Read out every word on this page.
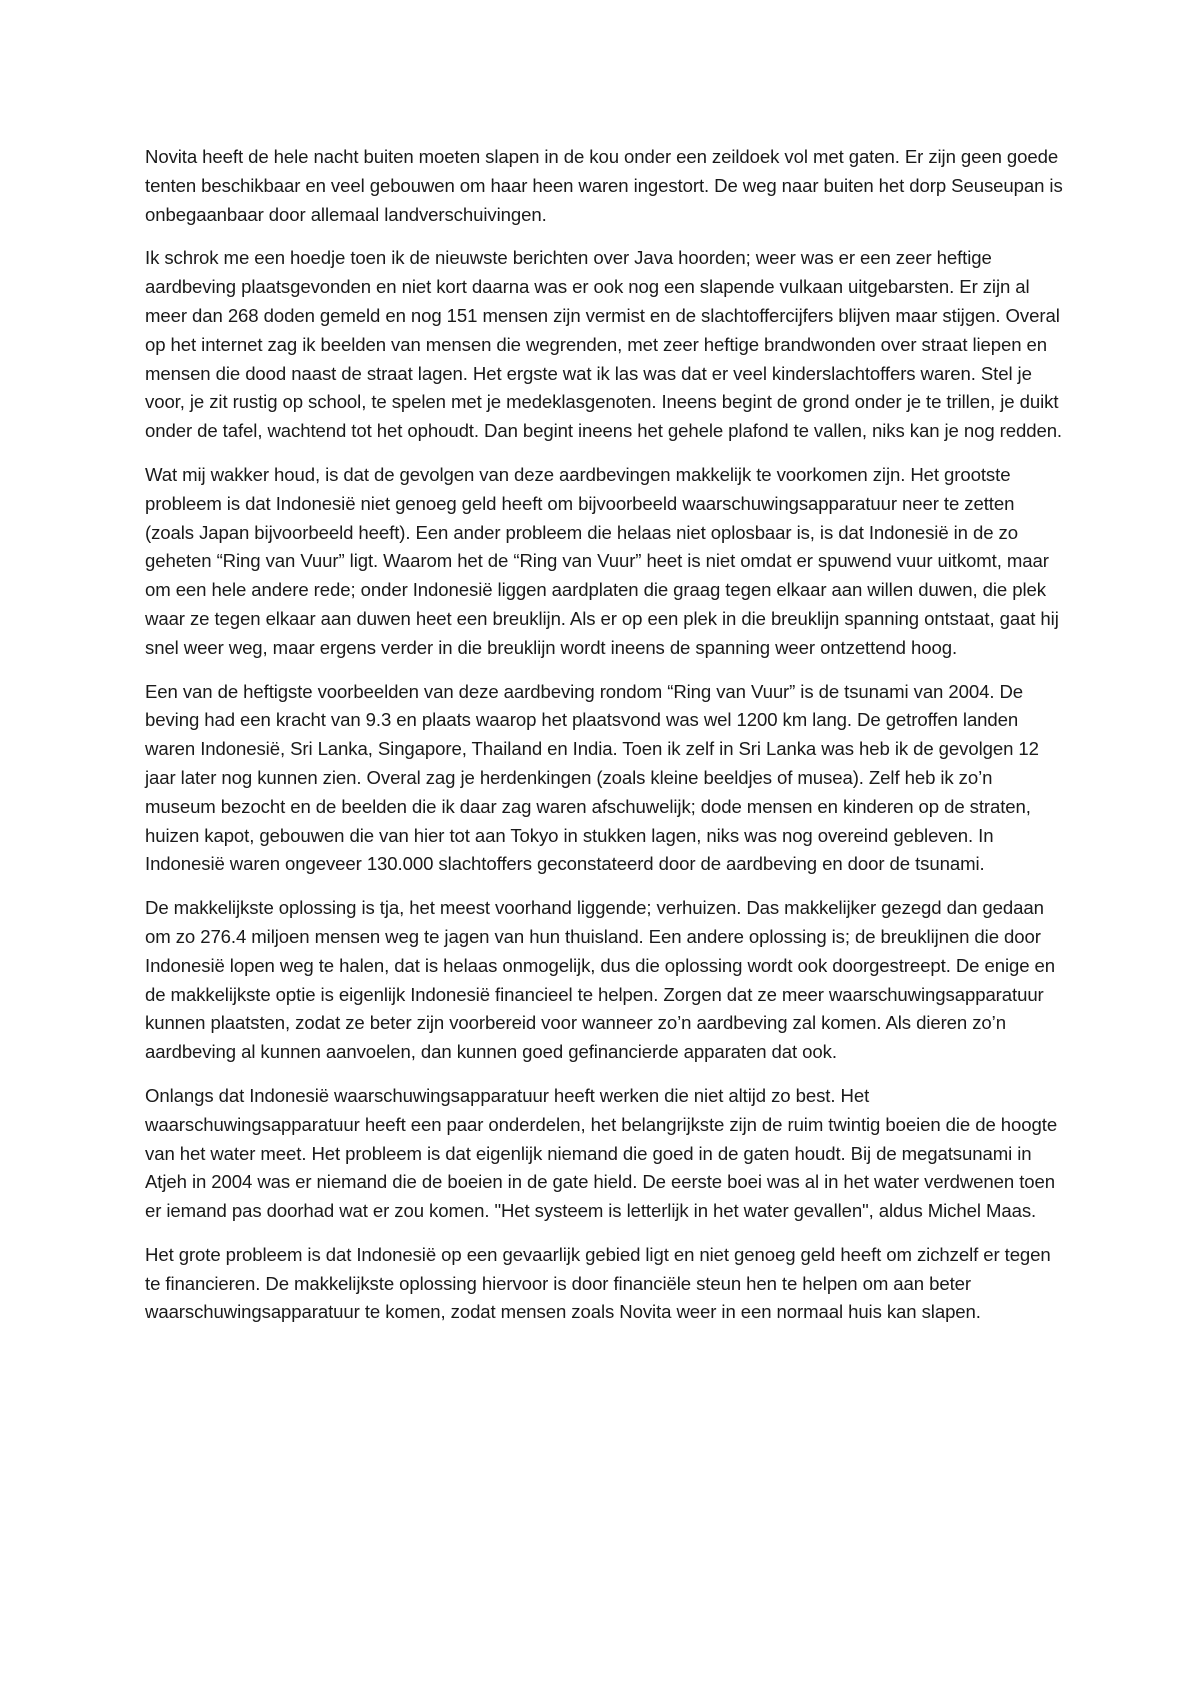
Novita heeft de hele nacht buiten moeten slapen in de kou onder een zeildoek vol met gaten. Er zijn geen goede tenten beschikbaar en veel gebouwen om haar heen waren ingestort. De weg naar buiten het dorp Seuseupan is onbegaanbaar door allemaal landverschuivingen.

Ik schrok me een hoedje toen ik de nieuwste berichten over Java hoorden; weer was er een zeer heftige aardbeving plaatsgevonden en niet kort daarna was er ook nog een slapende vulkaan uitgebarsten. Er zijn al meer dan 268 doden gemeld en nog 151 mensen zijn vermist en de slachtoffercijfers blijven maar stijgen. Overal op het internet zag ik beelden van mensen die wegrenden, met zeer heftige brandwonden over straat liepen en mensen die dood naast de straat lagen. Het ergste wat ik las was dat er veel kinderslachtoffers waren. Stel je voor, je zit rustig op school, te spelen met je medeklasgenoten. Ineens begint de grond onder je te trillen, je duikt onder de tafel, wachtend tot het ophoudt. Dan begint ineens het gehele plafond te vallen, niks kan je nog redden.

Wat mij wakker houd, is dat de gevolgen van deze aardbevingen makkelijk te voorkomen zijn. Het grootste probleem is dat Indonesië niet genoeg geld heeft om bijvoorbeeld waarschuwingsapparatuur neer te zetten (zoals Japan bijvoorbeeld heeft). Een ander probleem die helaas niet oplosbaar is, is dat Indonesië in de zo geheten “Ring van Vuur” ligt. Waarom het de “Ring van Vuur” heet is niet omdat er spuwend vuur uitkomt, maar om een hele andere rede; onder Indonesië liggen aardplaten die graag tegen elkaar aan willen duwen, die plek waar ze tegen elkaar aan duwen heet een breuklijn. Als er op een plek in die breuklijn spanning ontstaat, gaat hij snel weer weg, maar ergens verder in die breuklijn wordt ineens de spanning weer ontzettend hoog.

Een van de heftigste voorbeelden van deze aardbeving rondom “Ring van Vuur” is de tsunami van 2004. De beving had een kracht van 9.3 en plaats waarop het plaatsvond was wel 1200 km lang. De getroffen landen waren Indonesië, Sri Lanka, Singapore, Thailand en India. Toen ik zelf in Sri Lanka was heb ik de gevolgen 12 jaar later nog kunnen zien. Overal zag je herdenkingen (zoals kleine beeldjes of musea). Zelf heb ik zo’n museum bezocht en de beelden die ik daar zag waren afschuwelijk; dode mensen en kinderen op de straten, huizen kapot, gebouwen die van hier tot aan Tokyo in stukken lagen, niks was nog overeind gebleven. In Indonesië waren ongeveer 130.000 slachtoffers geconstateerd door de aardbeving en door de tsunami.

De makkelijkste oplossing is tja, het meest voorhand liggende; verhuizen. Das makkelijker gezegd dan gedaan om zo 276.4 miljoen mensen weg te jagen van hun thuisland. Een andere oplossing is; de breuklijnen die door Indonesië lopen weg te halen, dat is helaas onmogelijk, dus die oplossing wordt ook doorgestreept. De enige en de makkelijkste optie is eigenlijk Indonesië financieel te helpen. Zorgen dat ze meer waarschuwingsapparatuur kunnen plaatsten, zodat ze beter zijn voorbereid voor wanneer zo’n aardbeving zal komen. Als dieren zo’n aardbeving al kunnen aanvoelen, dan kunnen goed gefinancierde apparaten dat ook.

Onlangs dat Indonesië waarschuwingsapparatuur heeft werken die niet altijd zo best. Het waarschuwingsapparatuur heeft een paar onderdelen, het belangrijkste zijn de ruim twintig boeien die de hoogte van het water meet. Het probleem is dat eigenlijk niemand die goed in de gaten houdt. Bij de megatsunami in Atjeh in 2004 was er niemand die de boeien in de gate hield. De eerste boei was al in het water verdwenen toen er iemand pas doorhad wat er zou komen. "Het systeem is letterlijk in het water gevallen", aldus Michel Maas.

Het grote probleem is dat Indonesië op een gevaarlijk gebied ligt en niet genoeg geld heeft om zichzelf er tegen te financieren. De makkelijkste oplossing hiervoor is door financiële steun hen te helpen om aan beter waarschuwingsapparatuur te komen, zodat mensen zoals Novita weer in een normaal huis kan slapen.
